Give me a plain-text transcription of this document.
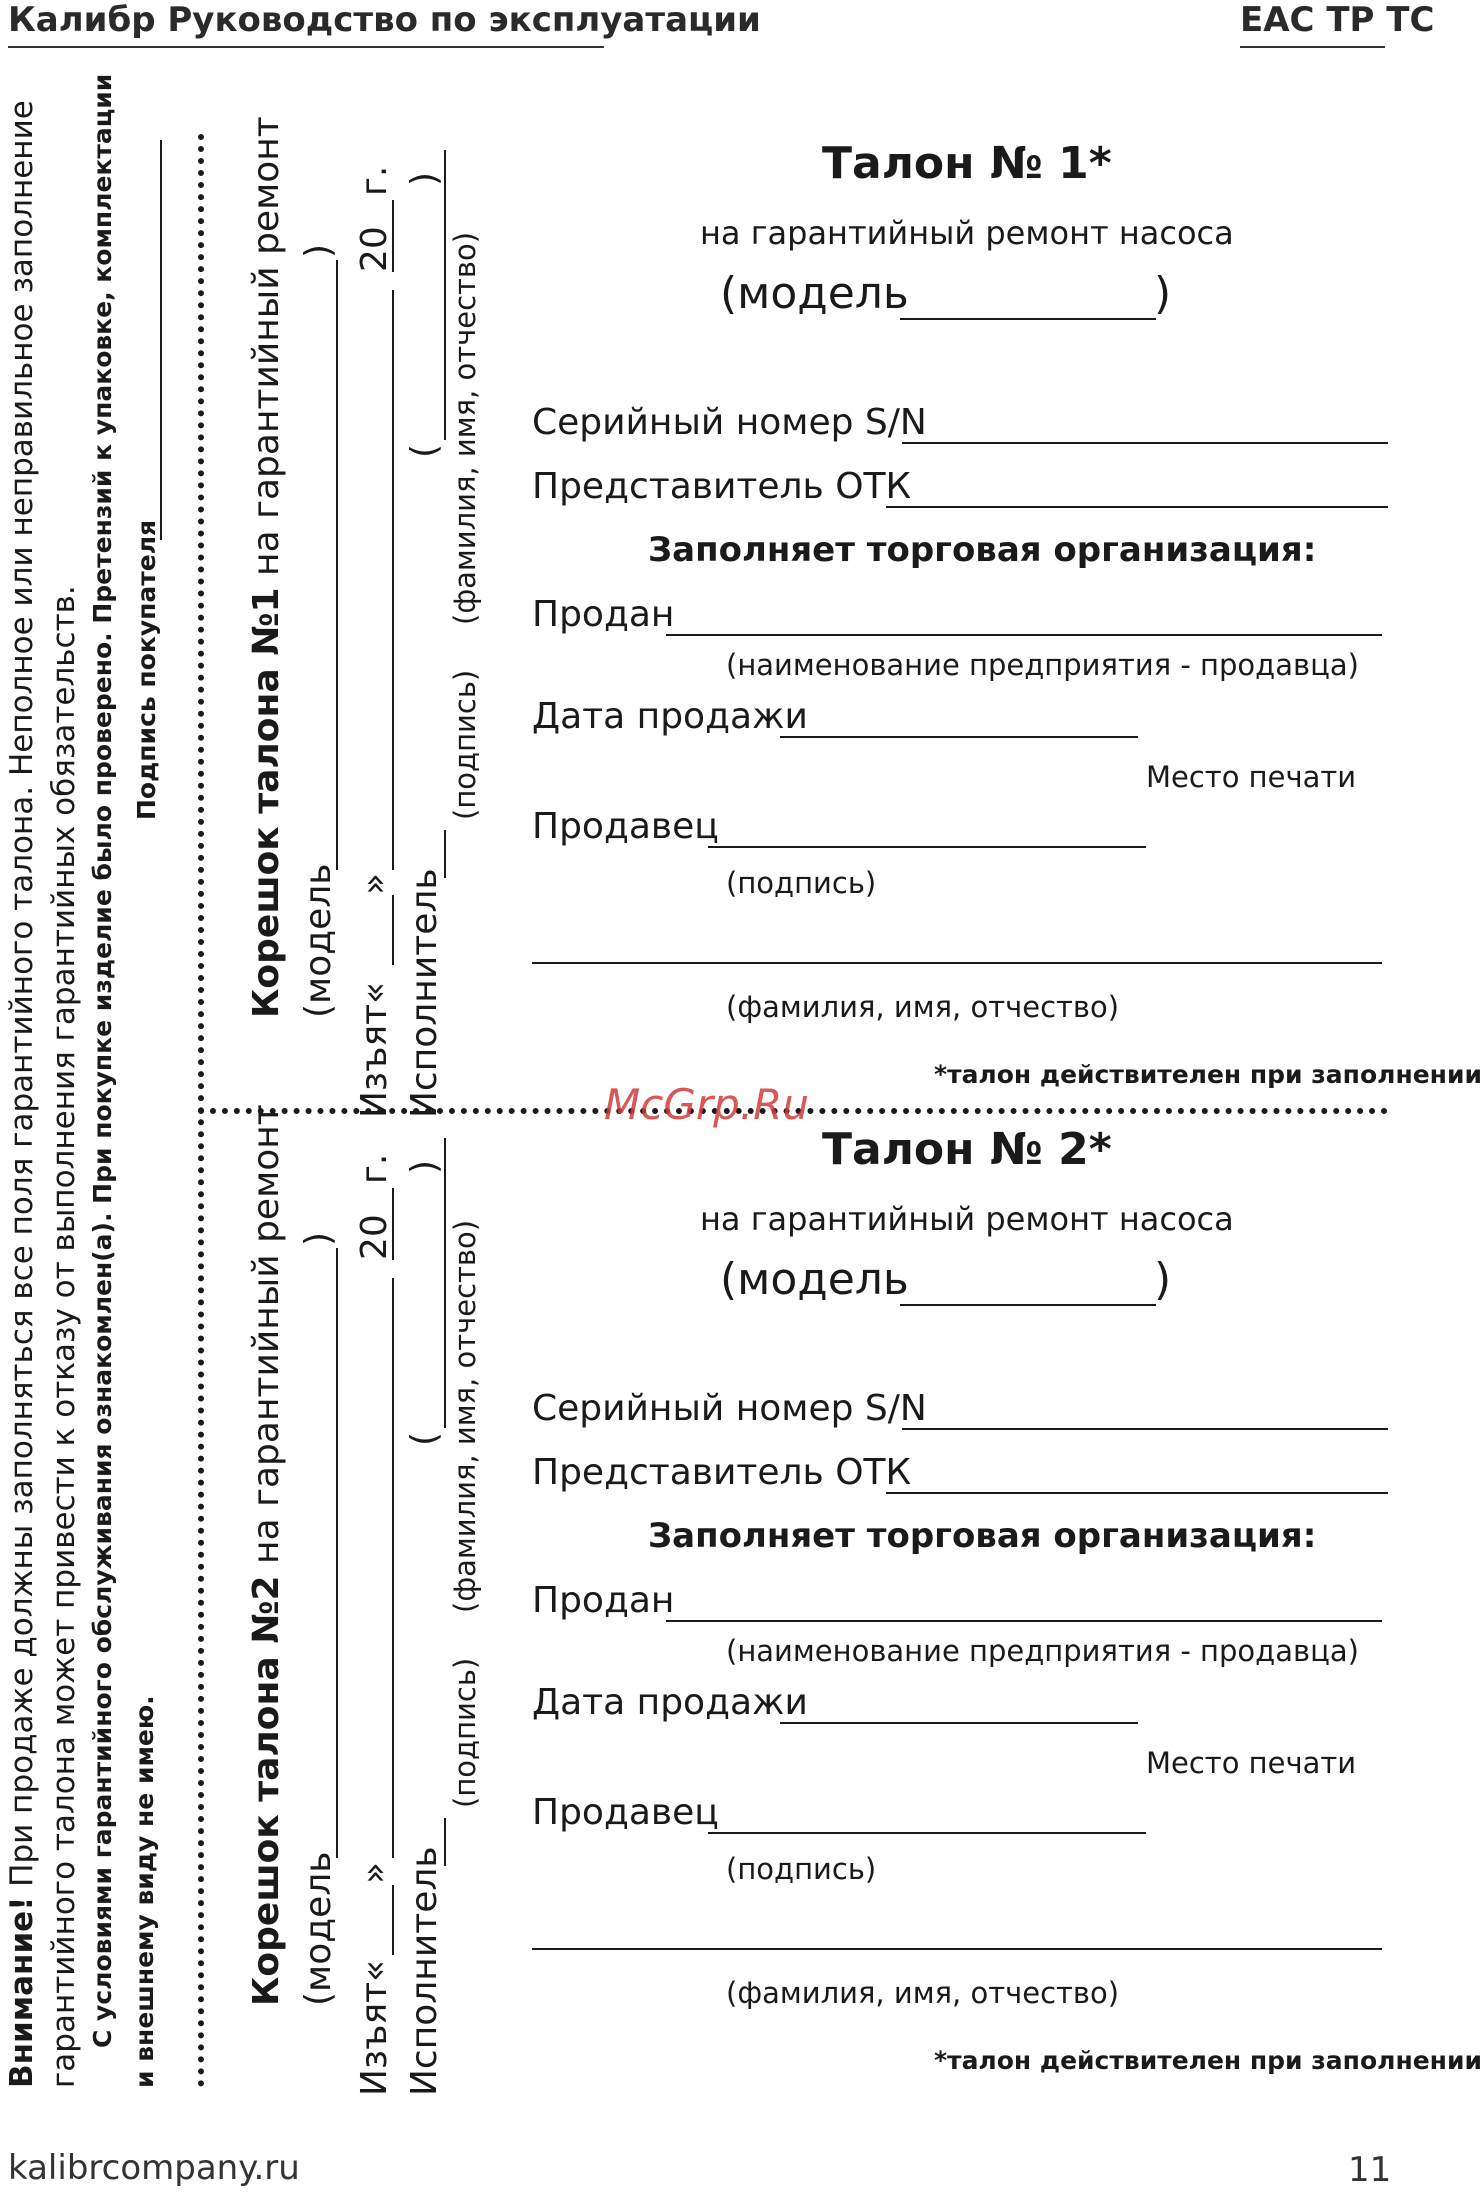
Калибр Руководство по эксплуатации	EAC ТР ТС
Внимание! При продаже должны заполняться все поля гарантийного талона. Неполное или неправильное заполнение гарантийного талона может привести к отказу от выполнения гарантийных обязательств. С условиями гарантийного обслуживания ознакомлен(а). При покупке изделие было проверено. Претензий к упаковке, комплектации и внешнему виду не имею.
Подпись покупателя Корешок талона №1 на гарантийный ремонт
(модель
)
Изъят«
»
20
г.
Исполнитель
(подпись)
( (фамилия, имя, отчество)
)
Корешок талона №2 на гарантийный ремонт
(модель
)
Изъят«
»
20
г.
Исполнитель
(подпись)
( (фамилия, имя, отчество)
)
Талон № 1*
на гарантийный ремонт насоса
(модель	)
Серийный номер S/N
Представитель ОТК
Заполняет торговая организация:
Продан
(наименование предприятия - продавца)
Дата продажи
Место печати
Продавец
(подпись)
(фамилия, имя, отчество)
*талон действителен при заполнении
McGrp.Ru
Талон № 2*
на гарантийный ремонт насоса
(модель	)
Серийный номер S/N
Представитель ОТК
Заполняет торговая организация:
Продан
(наименование предприятия - продавца)
Дата продажи
Место печати
Продавец
(подпись)
(фамилия, имя, отчество)
*талон действителен при заполнении
kalibrcompany.ru	11
